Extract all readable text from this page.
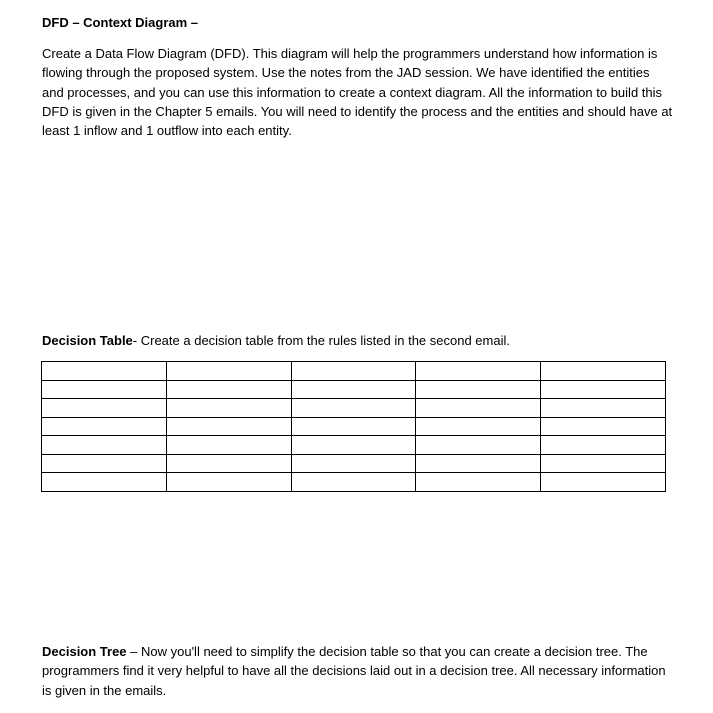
DFD – Context Diagram –
Create a Data Flow Diagram (DFD). This diagram will help the programmers understand how information is flowing through the proposed system. Use the notes from the JAD session. We have identified the entities and processes, and you can use this information to create a context diagram. All the information to build this DFD is given in the Chapter 5 emails. You will need to identify the process and the entities and should have at least 1 inflow and 1 outflow into each entity.
Decision Table- Create a decision table from the rules listed in the second email.

Decision Tree – Now you'll need to simplify the decision table so that you can create a decision tree. The programmers find it very helpful to have all the decisions laid out in a decision tree. All necessary information is given in the emails.
